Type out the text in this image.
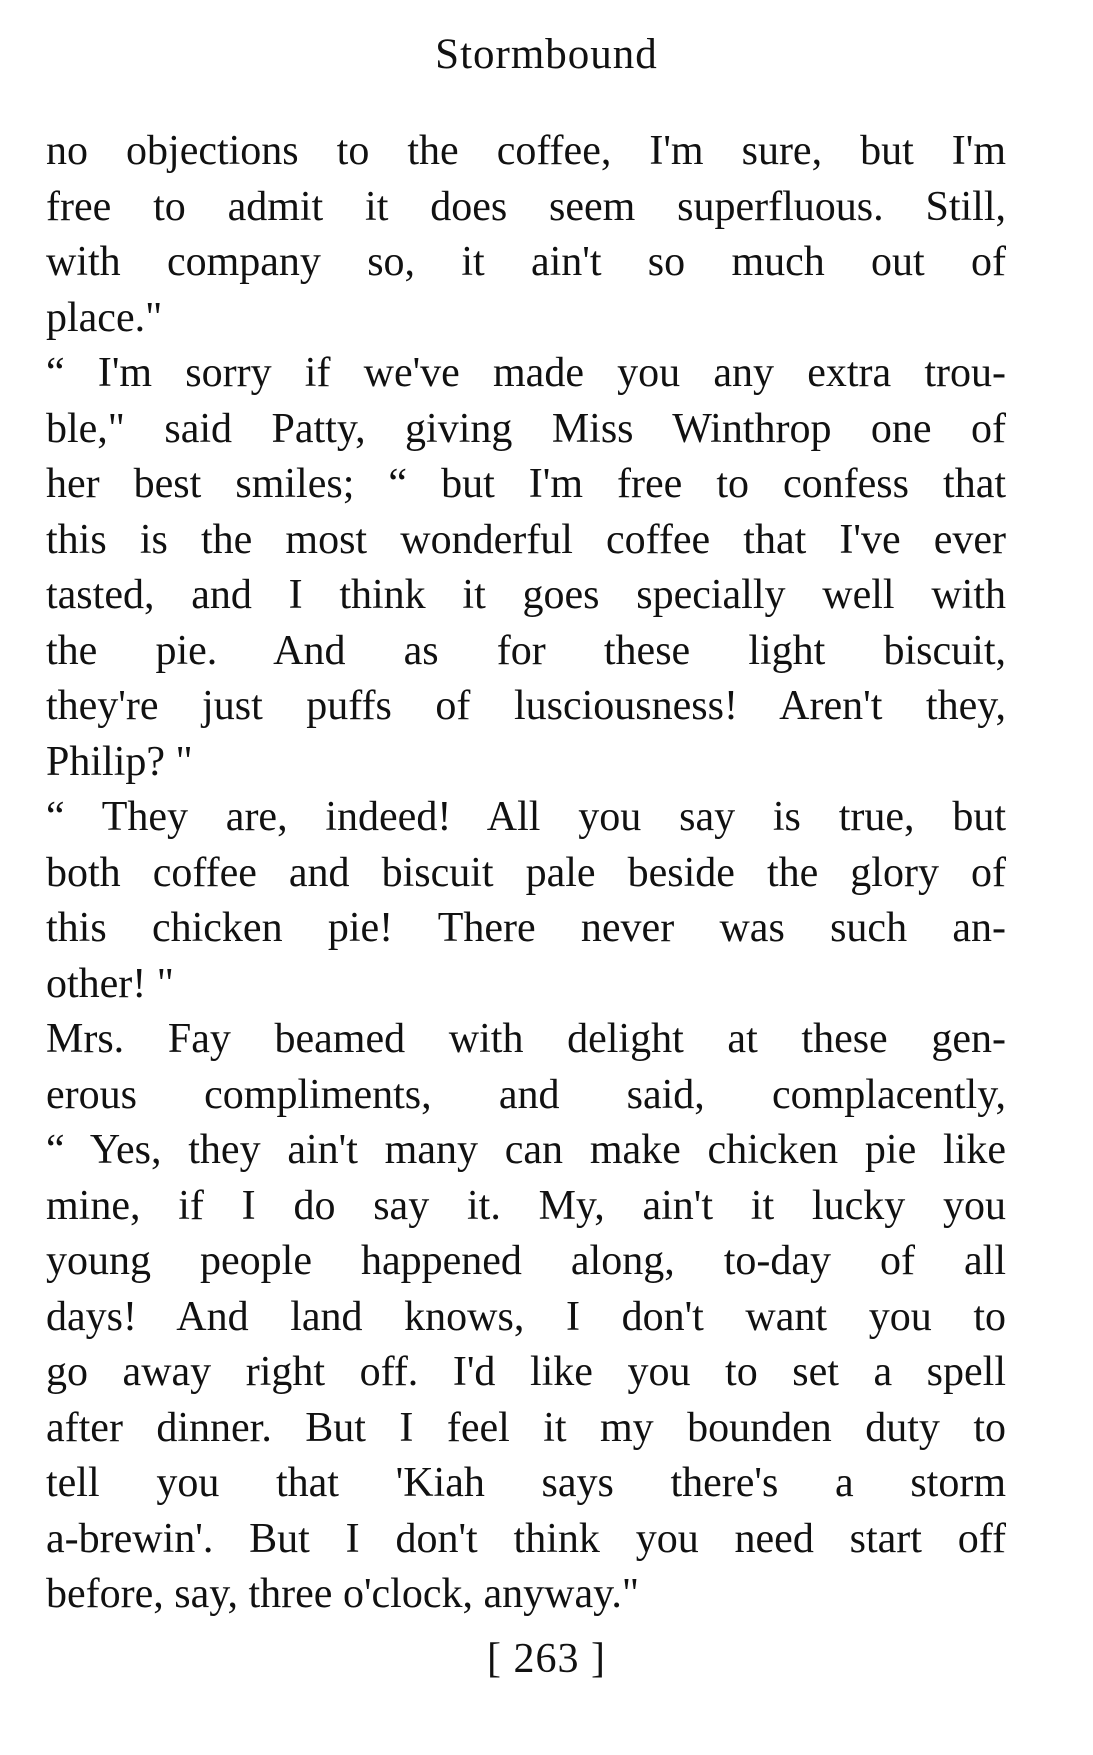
Stormbound
no objections to the coffee, I'm sure, but I'm
free to admit it does seem superfluous. Still,
with company so, it ain't so much out of
place."
“ I'm sorry if we've made you any extra trou-
ble," said Patty, giving Miss Winthrop one of
her best smiles; “ but I'm free to confess that
this is the most wonderful coffee that I've ever
tasted, and I think it goes specially well with
the pie. And as for these light biscuit,
they're just puffs of lusciousness! Aren't they,
Philip? "
“ They are, indeed! All you say is true, but
both coffee and biscuit pale beside the glory of
this chicken pie! There never was such an-
other! "
Mrs. Fay beamed with delight at these gen-
erous compliments, and said, complacently,
“ Yes, they ain't many can make chicken pie like
mine, if I do say it. My, ain't it lucky you
young people happened along, to-day of all
days! And land knows, I don't want you to
go away right off. I'd like you to set a spell
after dinner. But I feel it my bounden duty to
tell you that 'Kiah says there's a storm
a-brewin'. But I don't think you need start off
before, say, three o'clock, anyway."
[ 263 ]
